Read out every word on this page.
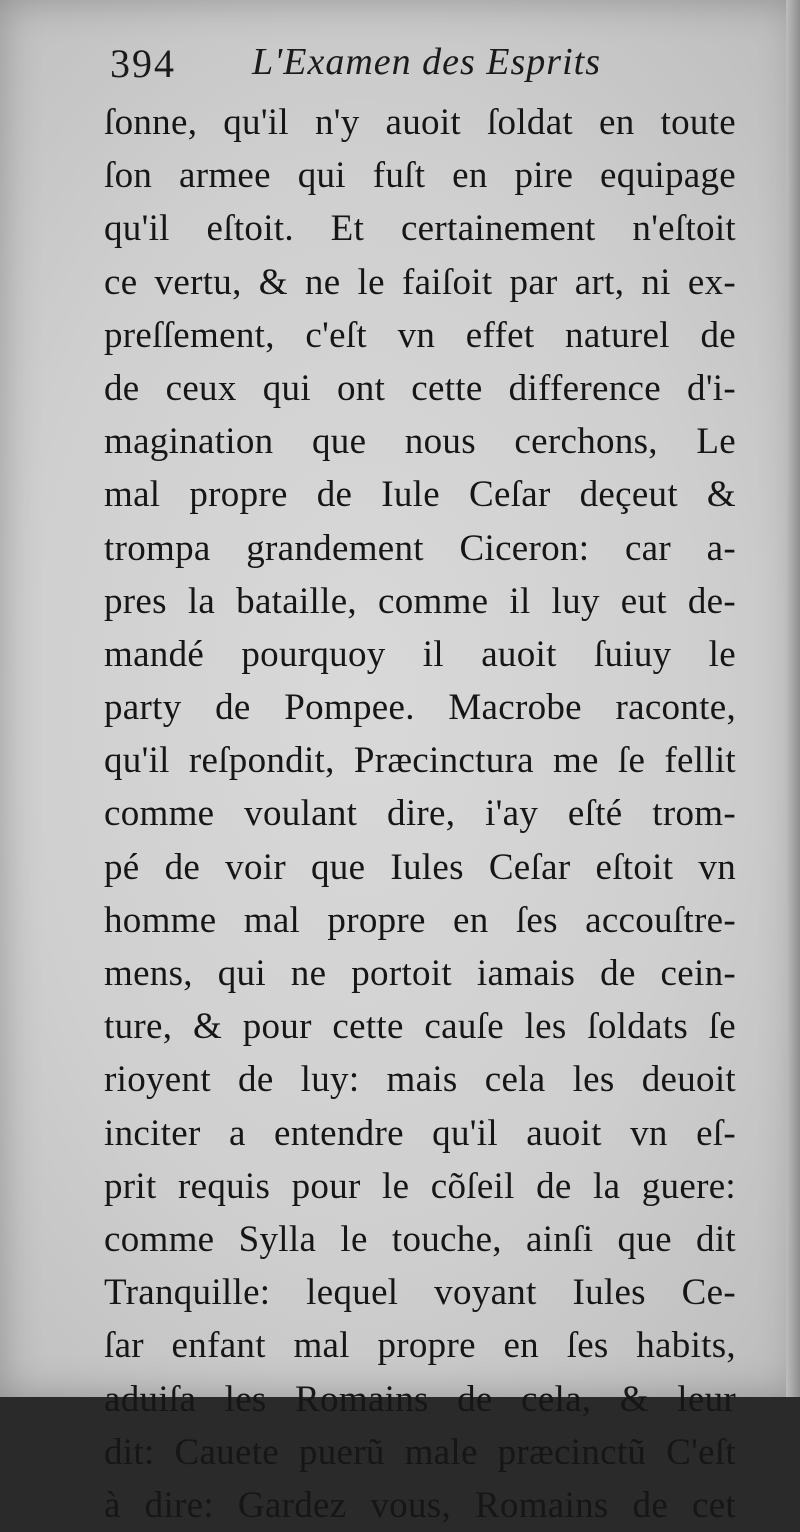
394 L'Examen des Esprits
ſonne, qu'il n'y auoit ſoldat en toute
ſon armee qui fuſt en pire equipage
qu'il eſtoit. Et certainement n'eſtoit
ce vertu, & ne le faiſoit par art, ni ex-
preſſement, c'eſt vn effet naturel de
de ceux qui ont cette difference d'i-
magination que nous cerchons, Le
mal propre de Iule Ceſar deçeut &
trompa grandement Ciceron: car a-
pres la bataille, comme il luy eut de-
mandé pourquoy il auoit ſuiuy le
party de Pompee. Macrobe raconte,
qu'il reſpondit, Præcinctura me ſe fellit
comme voulant dire, i'ay eſté trom-
pé de voir que Iules Ceſar eſtoit vn
homme mal propre en ſes accouſtre-
mens, qui ne portoit iamais de cein-
ture, & pour cette cauſe les ſoldats ſe
rioyent de luy: mais cela les deuoit
inciter a entendre qu'il auoit vn eſ-
prit requis pour le cõſeil de la guere:
comme Sylla le touche, ainſi que dit
Tranquille: lequel voyant Iules Ce-
ſar enfant mal propre en ſes habits,
aduiſa les Romains de cela, & leur
dit: Cauete puerũ male præcinctũ C'eſt
à dire: Gardez vous, Romains de cet
